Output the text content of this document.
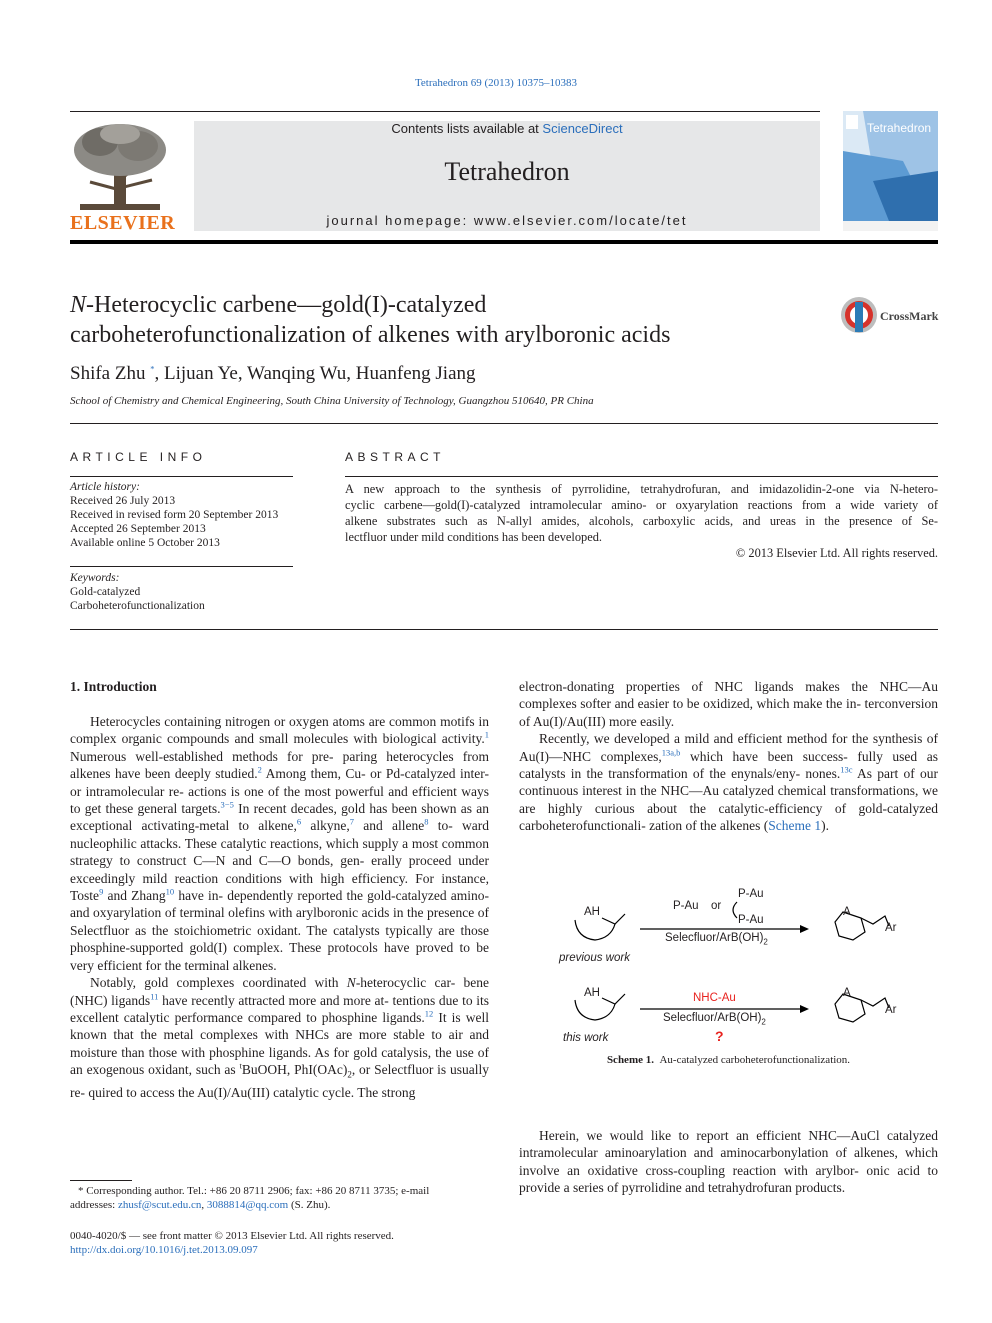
Tetrahedron 69 (2013) 10375–10383
ELSEVIER
Contents lists available at ScienceDirect
Tetrahedron
journal homepage: www.elsevier.com/locate/tet
Tetrahedron
N-Heterocyclic carbene—gold(I)-catalyzed
carboheterofunctionalization of alkenes with arylboronic acids
CrossMark
Shifa Zhu *, Lijuan Ye, Wanqing Wu, Huanfeng Jiang
School of Chemistry and Chemical Engineering, South China University of Technology, Guangzhou 510640, PR China
ARTICLE INFO
Article history:
Received 26 July 2013
Received in revised form 20 September 2013
Accepted 26 September 2013
Available online 5 October 2013
Keywords:
Gold-catalyzed
Carboheterofunctionalization
ABSTRACT
A new approach to the synthesis of pyrrolidine, tetrahydrofuran, and imidazolidin-2-one via N-hetero-
cyclic carbene—gold(I)-catalyzed intramolecular amino- or oxyarylation reactions from a wide variety of
alkene substrates such as N-allyl amides, alcohols, carboxylic acids, and ureas in the presence of Se-
lectfluor under mild conditions has been developed.
© 2013 Elsevier Ltd. All rights reserved.
1. Introduction

Heterocycles containing nitrogen or oxygen atoms are common motifs in complex organic compounds and small molecules with biological activity.$^1$ Numerous well-established methods for pre- paring heterocycles from alkenes have been deeply studied.$^2$ Among them, Cu- or Pd-catalyzed inter- or intramolecular re- actions is one of the most powerful and efficient ways to get these general targets.$^{3-5}$ In recent decades, gold has been shown as an exceptional activating-metal to alkene,$^6$ alkyne,$^7$ and allene$^8$ to- ward nucleophilic attacks. These catalytic reactions, which supply a most common strategy to construct C—N and C—O bonds, gen- erally proceed under exceedingly mild reaction conditions with high efficiency. For instance, Toste$^9$ and Zhang$^{10}$ have in- dependently reported the gold-catalyzed amino- and oxyarylation of terminal olefins with arylboronic acids in the presence of Selectfluor as the stoichiometric oxidant. The catalysts typically are those phosphine-supported gold(I) complex. These protocols have proved to be very efficient for the terminal alkenes.

Notably, gold complexes coordinated with N-heterocyclic car- bene (NHC) ligands$^{11}$ have recently attracted more and more at- tentions due to its excellent catalytic performance compared to phosphine ligands.$^{12}$ It is well known that the metal complexes with NHCs are more stable to air and moisture than those with phosphine ligands. As for gold catalysis, the use of an exogenous oxidant, such as $^t$BuOOH, $PhI(OAc)_2$, or Selectfluor is usually re- quired to access the Au(I)/Au(III) catalytic cycle. The strong

electron-donating properties of NHC ligands makes the NHC—Au complexes softer and easier to be oxidized, which make the in- terconversion of Au(I)/Au(III) more easily.

Recently, we developed a mild and efficient method for the synthesis of Au(I)—NHC complexes,$^{13a,b}$ which have been success- fully used as catalysts in the transformation of the enynals/eny- nones.$^{13c}$ As part of our continuous interest in the NHC—Au catalyzed chemical transformations, we are highly curious about the catalytic-efficiency of gold-catalyzed carboheterofunctionali- zation of the alkenes (Scheme 1).

AH	P-Au or
P-Au
P-Au
Selecfluor/$ArB(OH)_2$
A
Ar
previous work
AH	NHC-Au
Selecfluor/$ArB(OH)_2$
?
A
Ar
this work
Scheme 1. Au-catalyzed carboheterofunctionalization.

Herein, we would like to report an efficient NHC—AuCl catalyzed intramolecular aminoarylation and aminocarbonylation of alkenes, which involve an oxidative cross-coupling reaction with arylbor- onic acid to provide a series of pyrrolidine and tetrahydrofuran products.

* Corresponding author. Tel.: +86 20 8711 2906; fax: +86 20 8711 3735; e-mail
addresses: zhusf@scut.edu.cn, 3088814@qq.com (S. Zhu).
0040-4020/$ — see front matter © 2013 Elsevier Ltd. All rights reserved.
http://dx.doi.org/10.1016/j.tet.2013.09.097
